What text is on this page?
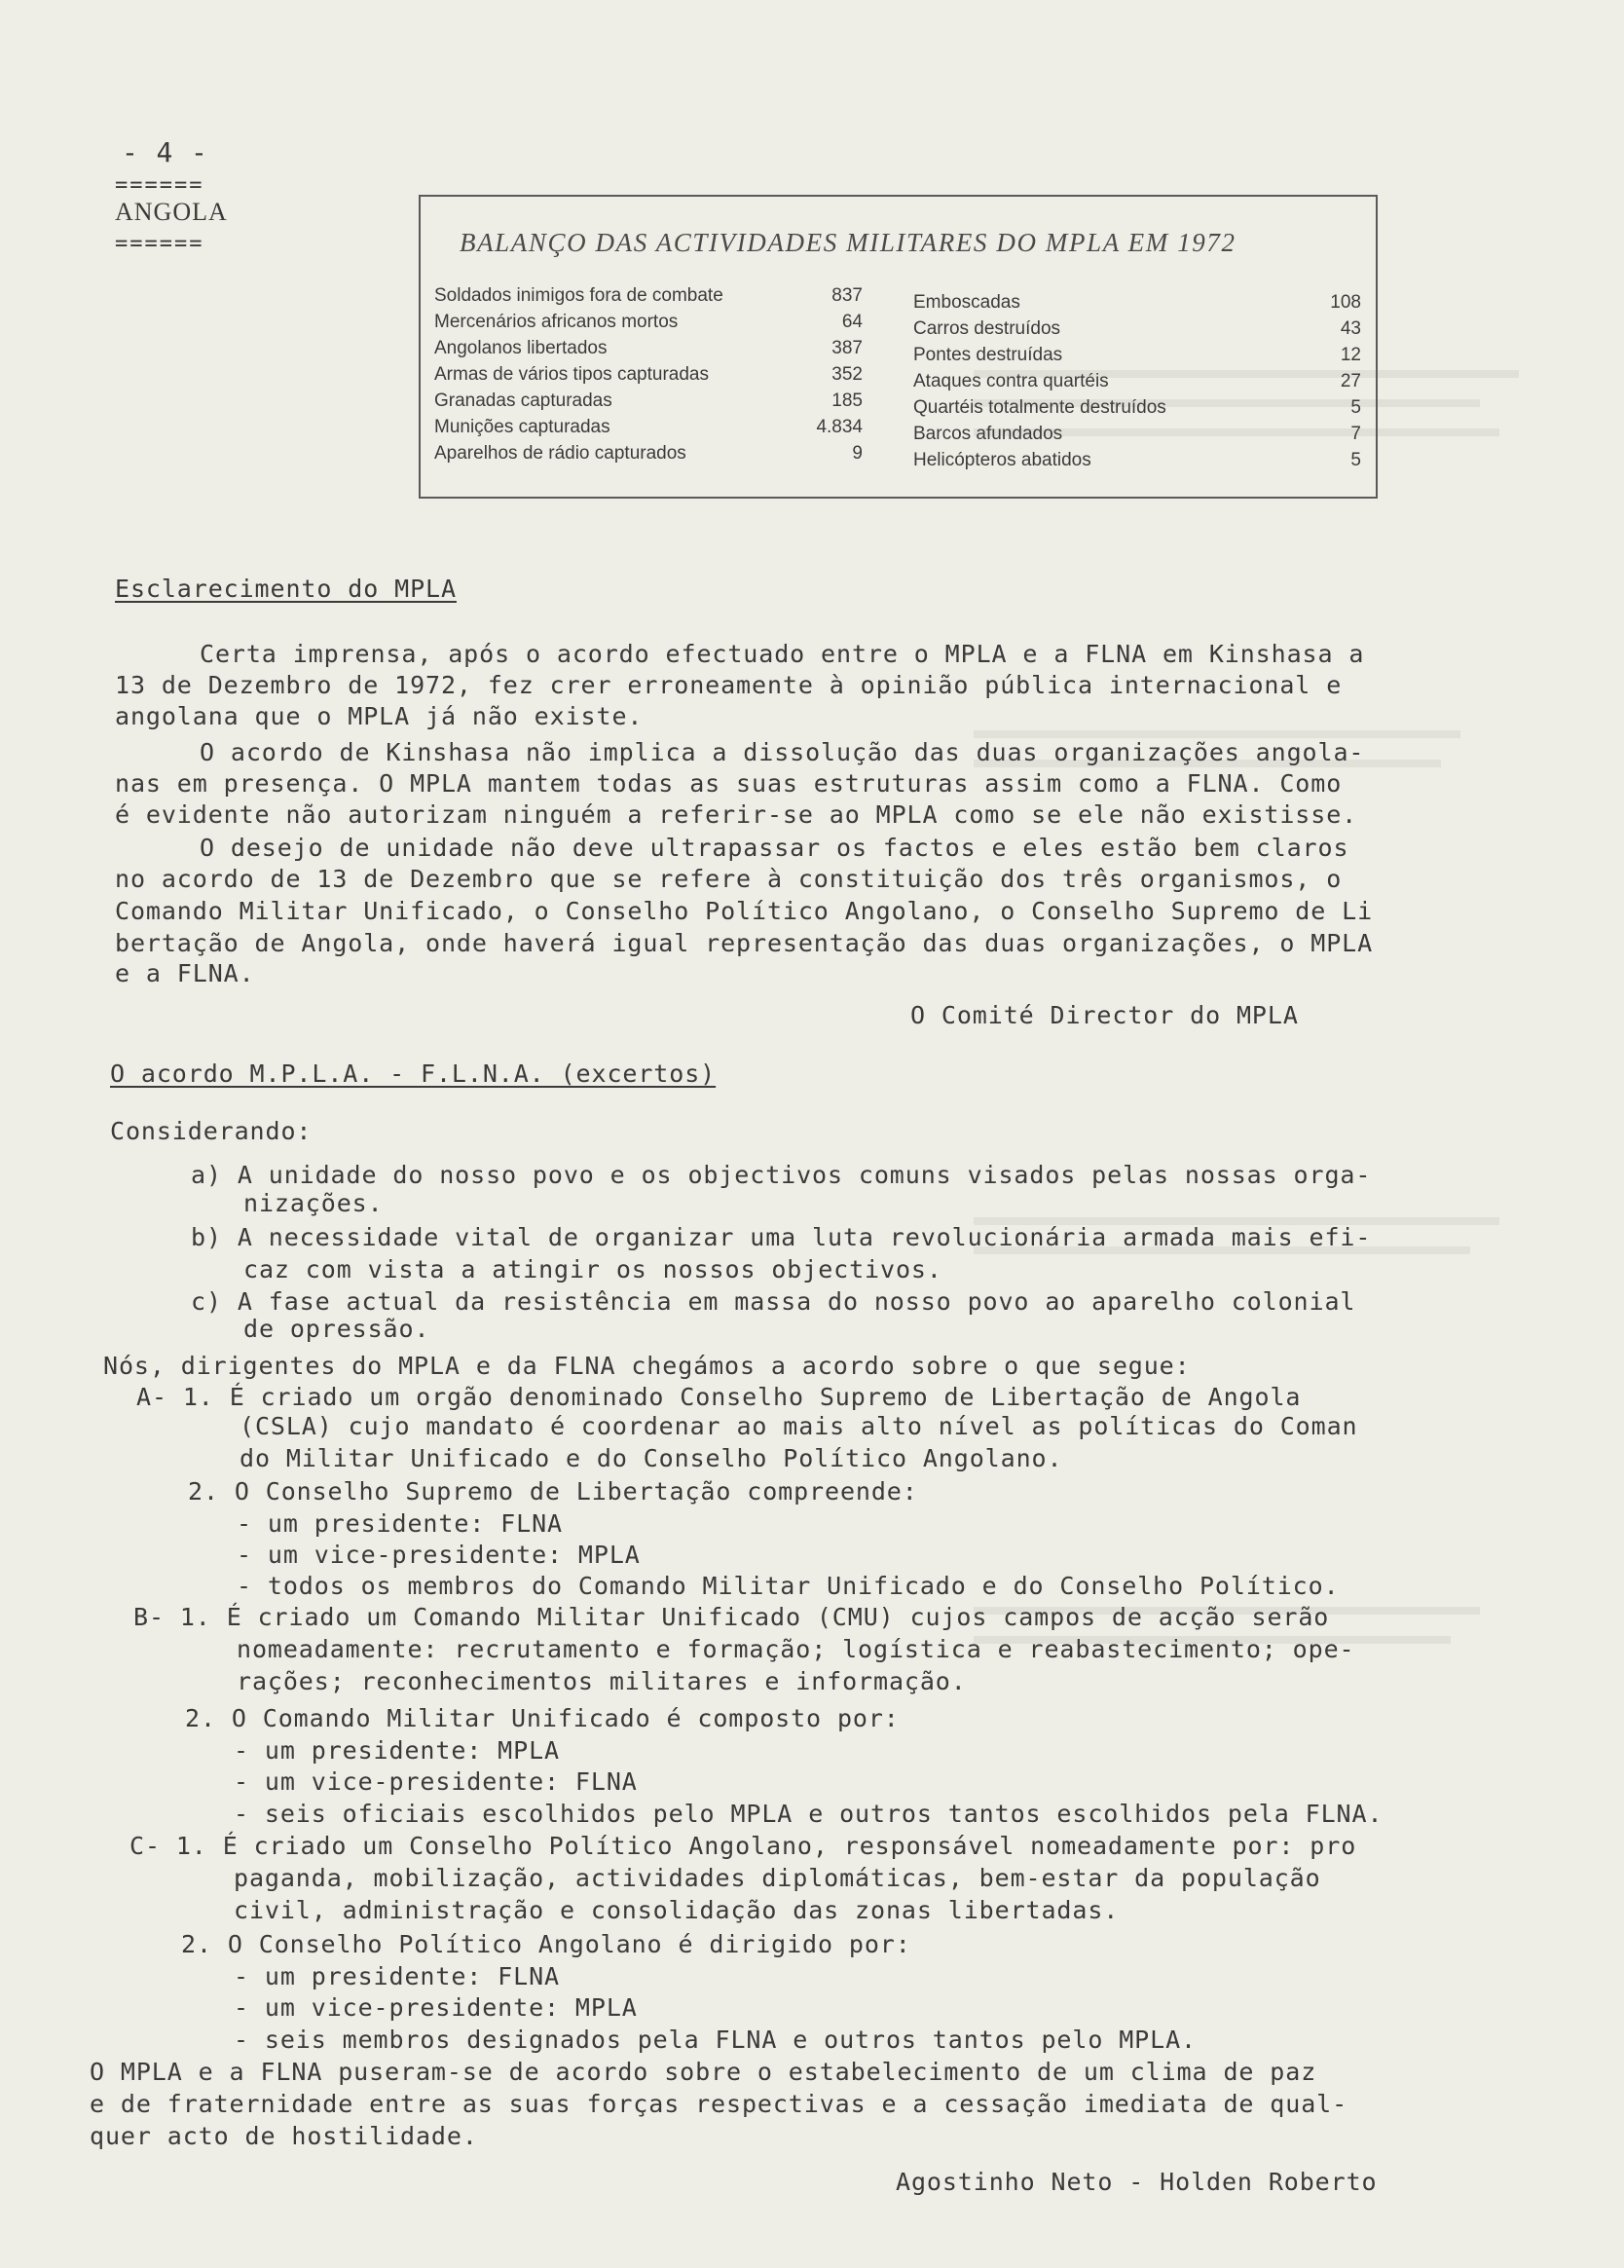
- 4 -
======
ANGOLA
======	BALANÇO DAS ACTIVIDADES MILITARES DO MPLA EM 1972
Soldados inimigos fora de combate	837
Mercenários africanos mortos	64
Angolanos libertados	387
Armas de vários tipos capturadas	352
Granadas capturadas	185
Munições capturadas	4.834
Aparelhos de rádio capturados	9
Emboscadas	108
Carros destruídos	43
Pontes destruídas	12
Ataques contra quartéis	27
Quartéis totalmente destruídos	5
Barcos afundados	7
Helicópteros abatidos	5
Esclarecimento do MPLA
Certa imprensa, após o acordo efectuado entre o MPLA e a FLNA em Kinshasa a
13 de Dezembro de 1972, fez crer erroneamente à opinião pública internacional e
angolana que o MPLA já não existe.
O acordo de Kinshasa não implica a dissolução das duas organizações angola-
nas em presença. O MPLA mantem todas as suas estruturas assim como a FLNA. Como
é evidente não autorizam ninguém a referir-se ao MPLA como se ele não existisse.
O desejo de unidade não deve ultrapassar os factos e eles estão bem claros
no acordo de 13 de Dezembro que se refere à constituição dos três organismos, o
Comando Militar Unificado, o Conselho Político Angolano, o Conselho Supremo de Li
bertação de Angola, onde haverá igual representação das duas organizações, o MPLA
e a FLNA.
O Comité Director do MPLA
O acordo M.P.L.A. - F.L.N.A. (excertos)
Considerando:
a) A unidade do nosso povo e os objectivos comuns visados pelas nossas orga-
nizações.
b) A necessidade vital de organizar uma luta revolucionária armada mais efi-
caz com vista a atingir os nossos objectivos.
c) A fase actual da resistência em massa do nosso povo ao aparelho colonial
de opressão.
Nós, dirigentes do MPLA e da FLNA chegámos a acordo sobre o que segue:
A- 1. É criado um orgão denominado Conselho Supremo de Libertação de Angola
(CSLA) cujo mandato é coordenar ao mais alto nível as políticas do Coman
do Militar Unificado e do Conselho Político Angolano.
2. O Conselho Supremo de Libertação compreende:
- um presidente: FLNA
- um vice-presidente: MPLA
- todos os membros do Comando Militar Unificado e do Conselho Político.
B- 1. É criado um Comando Militar Unificado (CMU) cujos campos de acção serão
nomeadamente: recrutamento e formação; logística e reabastecimento; ope-
rações; reconhecimentos militares e informação.
2. O Comando Militar Unificado é composto por:
- um presidente: MPLA
- um vice-presidente: FLNA
- seis oficiais escolhidos pelo MPLA e outros tantos escolhidos pela FLNA.
C- 1. É criado um Conselho Político Angolano, responsável nomeadamente por: pro
paganda, mobilização, actividades diplomáticas, bem-estar da população
civil, administração e consolidação das zonas libertadas.
2. O Conselho Político Angolano é dirigido por:
- um presidente: FLNA
- um vice-presidente: MPLA
- seis membros designados pela FLNA e outros tantos pelo MPLA.
O MPLA e a FLNA puseram-se de acordo sobre o estabelecimento de um clima de paz
e de fraternidade entre as suas forças respectivas e a cessação imediata de qual-
quer acto de hostilidade.
Agostinho Neto - Holden Roberto
